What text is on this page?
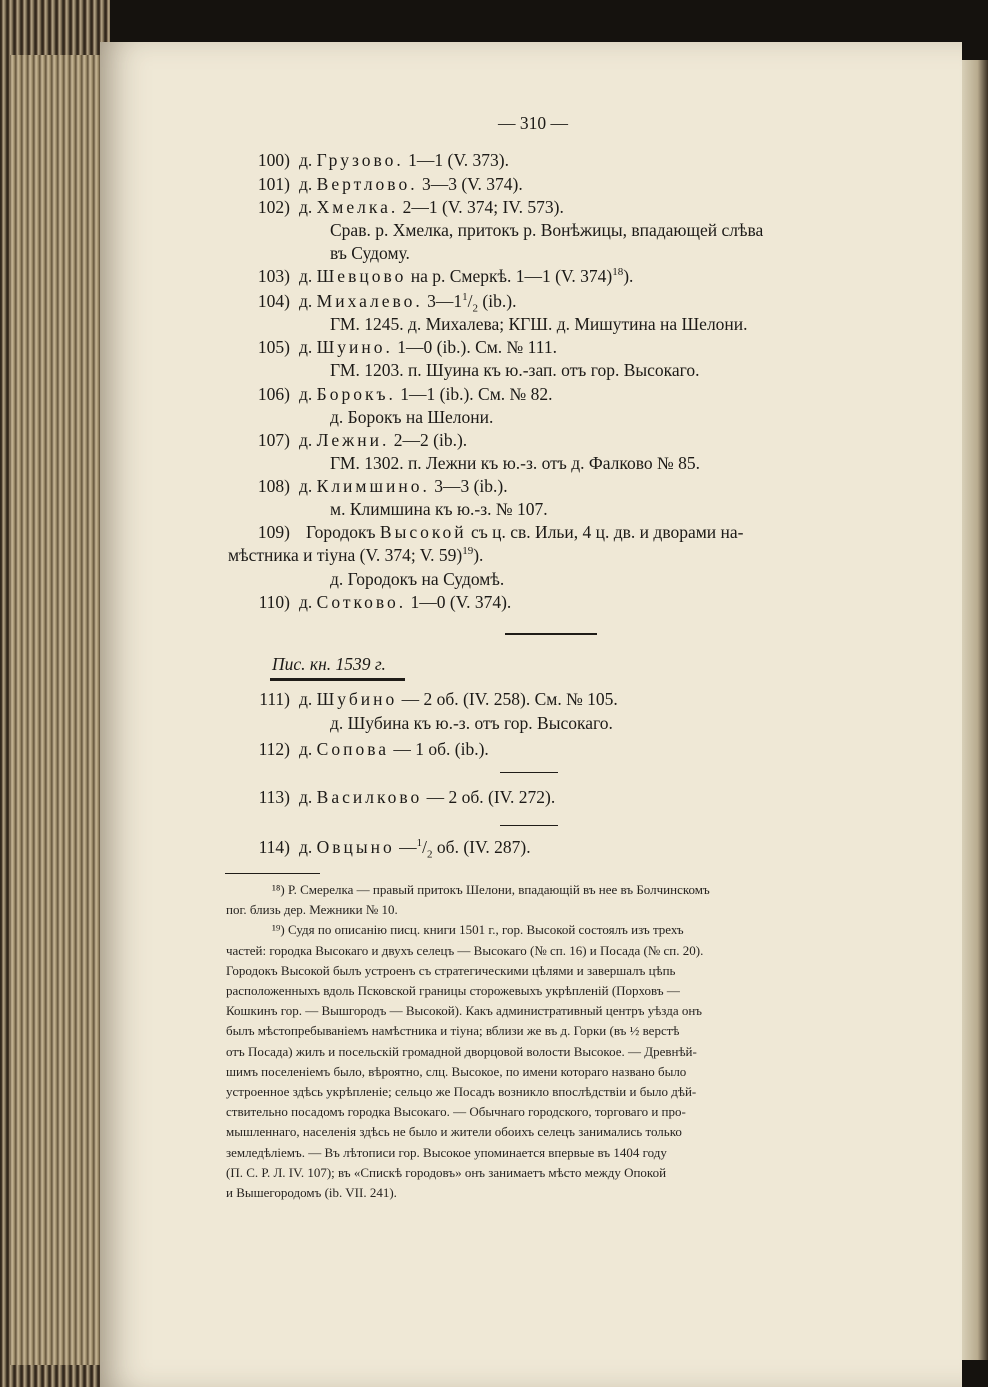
— 310 —
100) д. Грузово. 1—1 (V. 373).
101) д. Вертлово. 3—3 (V. 374).
102) д. Хмелка. 2—1 (V. 374; IV. 573).
Срав. р. Хмелка, притокъ р. Вонѣжицы, впадающей слѣва
въ Судому.
103) д. Шевцово на р. Смеркѣ. 1—1 (V. 374)$^{18}$).
104) д. Михалево. $3—1^1/_2$ (ib.).
ГМ. 1245. д. Михалева; КГШ. д. Мишутина на Шелони.
105) д. Шуино. 1—0 (ib.). См. № 111.
ГМ. 1203. п. Шуина къ ю.-зап. отъ гор. Высокаго.
106) д. Борокъ. 1—1 (ib.). См. № 82.
д. Борокъ на Шелони.
107) д. Лежни. 2—2 (ib.).
ГМ. 1302. п. Лежни къ ю.-з. отъ д. Фалково № 85.
108) д. Климшино. 3—3 (ib.).
м. Климшина къ ю.-з. № 107.
109) Городокъ Высокой съ ц. св. Ильи, 4 ц. дв. и дворами на-
мѣстника и тіуна (V. 374; V. 59)$^{19}$).
д. Городокъ на Судомѣ.
110) д. Сотково. 1—0 (V. 374).
Пис. кн. 1539 г.
111) д. Шубино — 2 об. (IV. 258). См. № 105.
д. Шубина къ ю.-з. отъ гор. Высокаго.
112) д. Сопова — 1 об. (ib.).
113) д. Василково — 2 об. (IV. 272).
114) д. Овцыно $—^1/_2$ об. (IV. 287).
¹⁸) Р. Смерелка — правый притокъ Шелони, впадающій въ нее въ Болчинскомъ
пог. близь дер. Межники № 10.
¹⁹) Судя по описанію писц. книги 1501 г., гор. Высокой состоялъ изъ трехъ
частей: городка Высокаго и двухъ селецъ — Высокаго (№ сп. 16) и Посада (№ сп. 20).
Городокъ Высокой былъ устроенъ съ стратегическими цѣлями и завершалъ цѣпь
расположенныхъ вдоль Псковской границы сторожевыхъ укрѣпленій (Порховъ —
Кошкинъ гор. — Вышгородъ — Высокой). Какъ административный центръ уѣзда онъ
былъ мѣстопребываніемъ намѣстника и тіуна; вблизи же въ д. Горки (въ ½ верстѣ
отъ Посада) жилъ и посельскій громадной дворцовой волости Высокое. — Древнѣй-
шимъ поселеніемъ было, вѣроятно, слц. Высокое, по имени котораго названо было
устроенное здѣсь укрѣпленіе; сельцо же Посадъ возникло впослѣдствіи и было дѣй-
ствительно посадомъ городка Высокаго. — Обычнаго городского, торговаго и про-
мышленнаго, населенія здѣсь не было и жители обоихъ селецъ занимались только
земледѣліемъ. — Въ лѣтописи гор. Высокое упоминается впервые въ 1404 году
(П. С. Р. Л. IV. 107); въ «Спискѣ городовъ» онъ занимаетъ мѣсто между Опокой
и Вышегородомъ (ib. VII. 241).
